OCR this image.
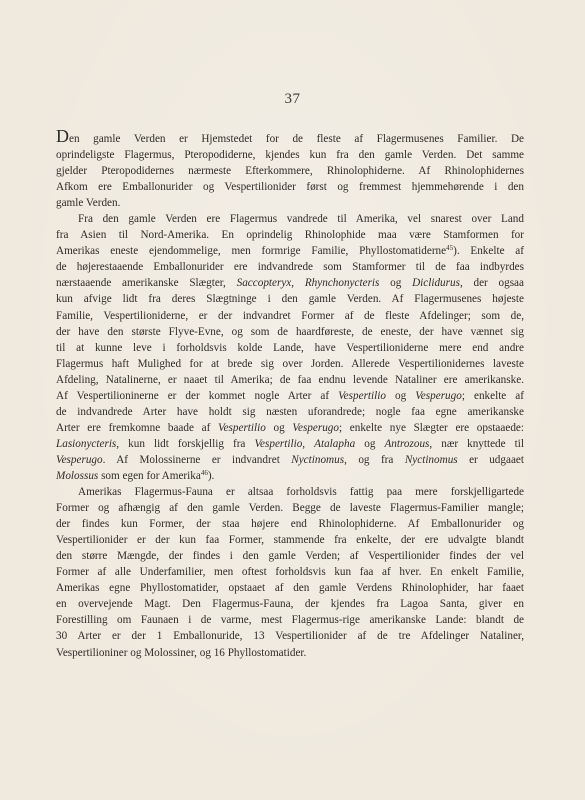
37
Den gamle Verden er Hjemstedet for de fleste af Flagermusenes Familier. De
oprindeligste Flagermus, Pteropodiderne, kjendes kun fra den gamle Verden. Det samme
gjelder Pteropodidernes nærmeste Efterkommere, Rhinolophiderne. Af Rhinolophidernes
Afkom ere Emballonurider og Vespertilionider først og fremmest hjemmehørende i den
gamle Verden.
Fra den gamle Verden ere Flagermus vandrede til Amerika, vel snarest over Land
fra Asien til Nord-Amerika. En oprindelig Rhinolophide maa være Stamformen for
Amerikas eneste ejendommelige, men formrige Familie, Phyllostomatiderne$^{45}$). Enkelte af
de højerestaaende Emballonurider ere indvandrede som Stamformer til de faa indbyrdes
nærstaaende amerikanske Slægter, Saccopteryx, Rhynchonycteris og Diclidurus, der ogsaa
kun afvige lidt fra deres Slægtninge i den gamle Verden. Af Flagermusenes højeste
Familie, Vespertilioniderne, er der indvandret Former af de fleste Afdelinger; som de,
der have den største Flyve-Evne, og som de haardføreste, de eneste, der have vænnet sig
til at kunne leve i forholdsvis kolde Lande, have Vespertilioniderne mere end andre
Flagermus haft Mulighed for at brede sig over Jorden. Allerede Vespertilionidernes laveste
Afdeling, Natalinerne, er naaet til Amerika; de faa endnu levende Nataliner ere amerikanske.
Af Vespertilioninerne er der kommet nogle Arter af Vespertilio og Vesperugo; enkelte af
de indvandrede Arter have holdt sig næsten uforandrede; nogle faa egne amerikanske
Arter ere fremkomne baade af Vespertilio og Vesperugo; enkelte nye Slægter ere opstaaede:
Lasionycteris, kun lidt forskjellig fra Vespertilio, Atalapha og Antrozous, nær knyttede til
Vesperugo. Af Molossinerne er indvandret Nyctinomus, og fra Nyctinomus er udgaaet
Molossus som egen for Amerika$^{46}$).
Amerikas Flagermus-Fauna er altsaa forholdsvis fattig paa mere forskjelligartede
Former og afhængig af den gamle Verden. Begge de laveste Flagermus-Familier mangle;
der findes kun Former, der staa højere end Rhinolophiderne. Af Emballonurider og
Vespertilionider er der kun faa Former, stammende fra enkelte, der ere udvalgte blandt
den større Mængde, der findes i den gamle Verden; af Vespertilionider findes der vel
Former af alle Underfamilier, men oftest forholdsvis kun faa af hver. En enkelt Familie,
Amerikas egne Phyllostomatider, opstaaet af den gamle Verdens Rhinolophider, har faaet
en overvejende Magt. Den Flagermus-Fauna, der kjendes fra Lagoa Santa, giver en
Forestilling om Faunaen i de varme, mest Flagermus-rige amerikanske Lande: blandt de
30 Arter er der 1 Emballonuride, 13 Vespertilionider af de tre Afdelinger Nataliner,
Vespertilioniner og Molossiner, og 16 Phyllostomatider.
